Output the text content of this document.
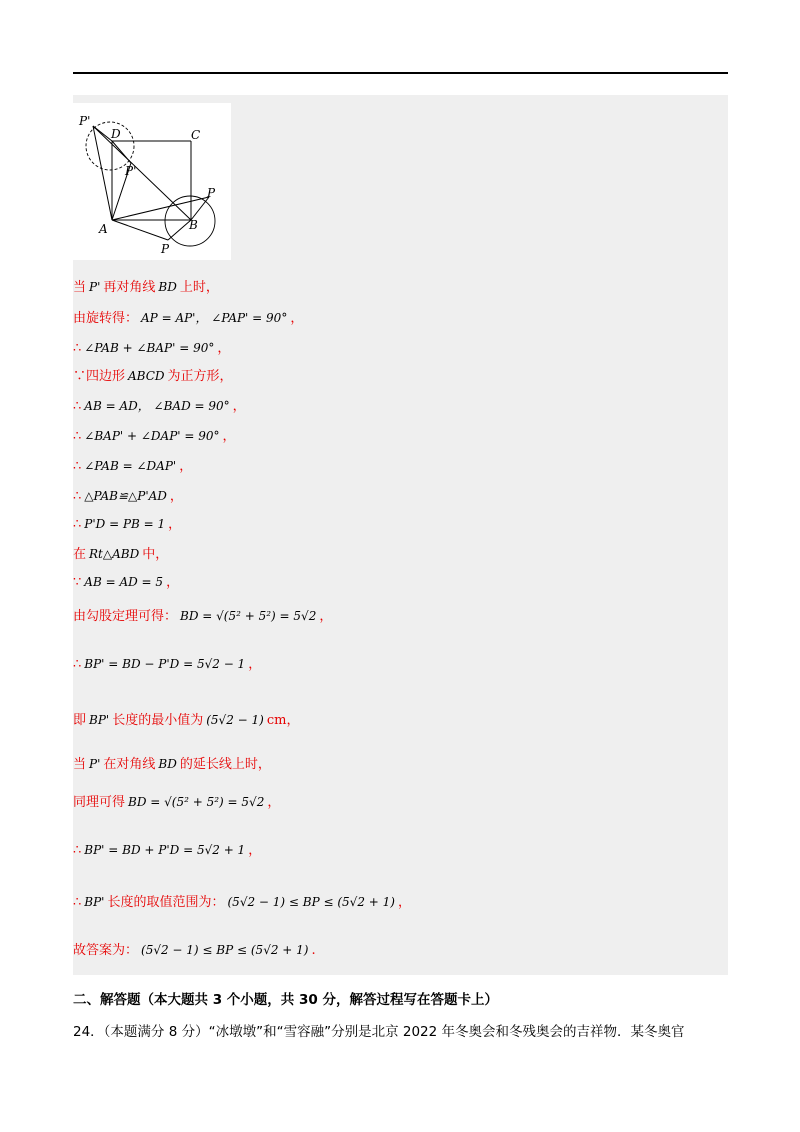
P'
D	C
P'
P
A	B
P
当 P' 再对角线 BD 上时，
由旋转得： AP = AP'， ∠PAP' = 90° ，
∴ ∠PAB + ∠BAP' = 90° ，
∵四边形 ABCD 为正方形，
∴ AB = AD， ∠BAD = 90° ，
∴ ∠BAP' + ∠DAP' = 90° ，
∴ ∠PAB = ∠DAP' ，
∴ △PAB≌△P'AD ，
∴ P'D = PB = 1 ，
在 Rt△ABD 中，
∵ AB = AD = 5 ，
由勾股定理可得： BD = √(5² + 5²) = 5√2 ，
∴ BP' = BD − P'D = 5√2 − 1 ，
即 BP' 长度的最小值为 (5√2 − 1) cm，
当 P' 在对角线 BD 的延长线上时，
同理可得 BD = √(5² + 5²) = 5√2 ，
∴ BP' = BD + P'D = 5√2 + 1 ，
∴ BP' 长度的取值范围为： (5√2 − 1) ≤ BP ≤ (5√2 + 1) ，
故答案为： (5√2 − 1) ≤ BP ≤ (5√2 + 1) .
二、解答题（本大题共 3 个小题，共 30 分，解答过程写在答题卡上）
24．（本题满分 8 分）“冰墩墩”和“雪容融”分别是北京 2022 年冬奥会和冬残奥会的吉祥物．某冬奥官
